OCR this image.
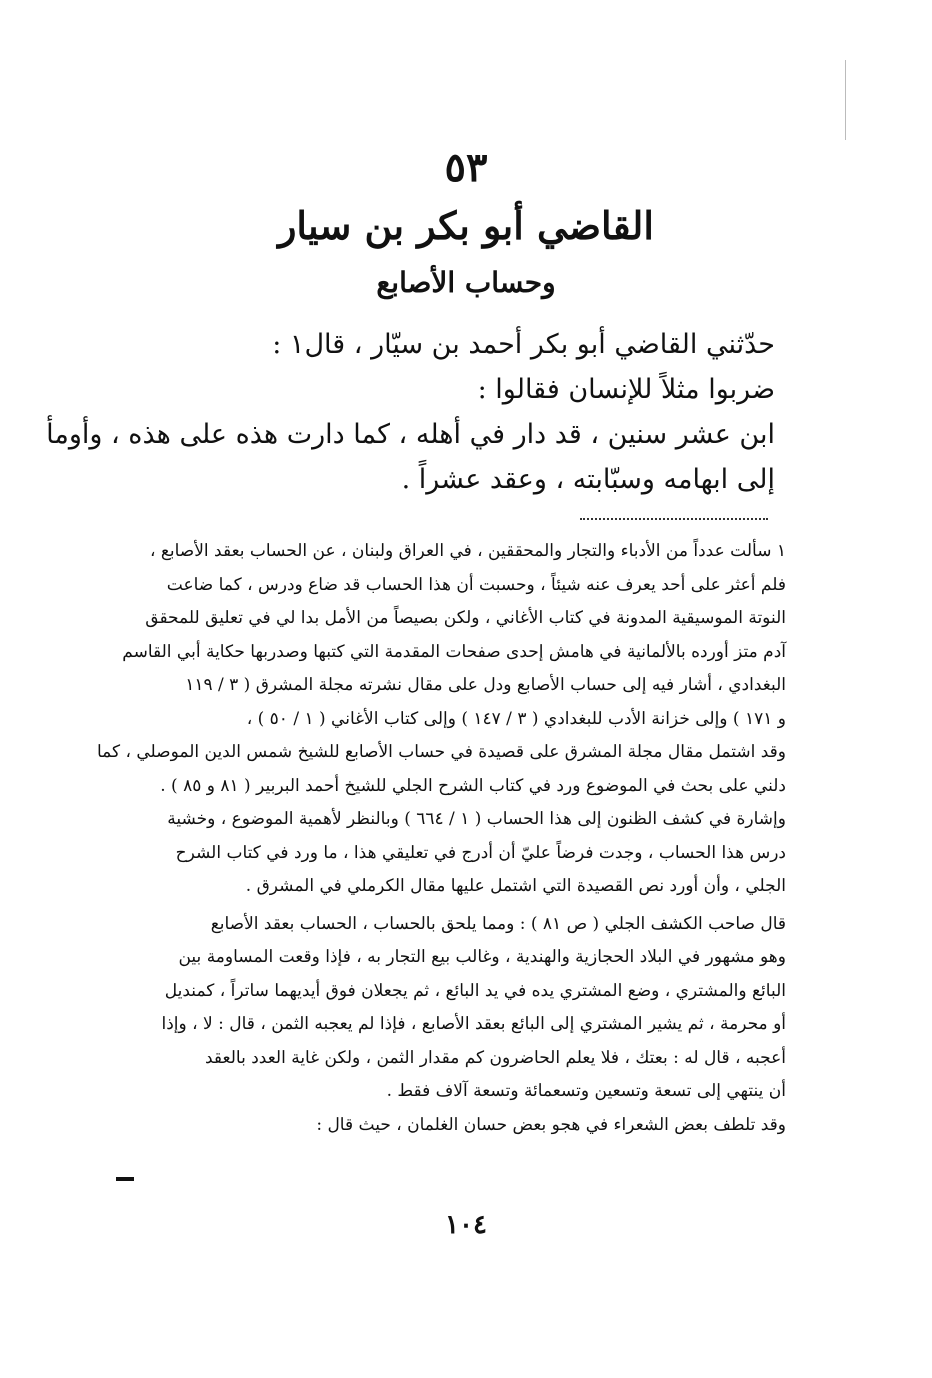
٥٣
القاضي أبو بكر بن سيار
وحساب الأصابع
حدّثني القاضي أبو بكر أحمد بن سيّار ، قال١ :
ضربوا مثلاً للإنسان فقالوا :
ابن عشر سنين ، قد دار في أهله ، كما دارت هذه على هذه ، وأومأ
إلى ابهامه وسبّابته ، وعقد عشراً .
١ سألت عدداً من الأدباء والتجار والمحققين ، في العراق ولبنان ، عن الحساب بعقد الأصابع ،
فلم أعثر على أحد يعرف عنه شيئاً ، وحسبت أن هذا الحساب قد ضاع ودرس ، كما ضاعت
النوتة الموسيقية المدونة في كتاب الأغاني ، ولكن بصيصاً من الأمل بدا لي في تعليق للمحقق
آدم متز أورده بالألمانية في هامش إحدى صفحات المقدمة التي كتبها وصدربها حكاية أبي القاسم
البغدادي ، أشار فيه إلى حساب الأصابع ودل على مقال نشرته مجلة المشرق ( ٣ / ١١٩
و ١٧١ ) وإلى خزانة الأدب للبغدادي ( ٣ / ١٤٧ ) وإلى كتاب الأغاني ( ١ / ٥٠ ) ،
وقد اشتمل مقال مجلة المشرق على قصيدة في حساب الأصابع للشيخ شمس الدين الموصلي ، كما
دلني على بحث في الموضوع ورد في كتاب الشرح الجلي للشيخ أحمد البربير ( ٨١ و ٨٥ ) .
وإشارة في كشف الظنون إلى هذا الحساب ( ١ / ٦٦٤ ) وبالنظر لأهمية الموضوع ، وخشية
درس هذا الحساب ، وجدت فرضاً عليّ أن أدرج في تعليقي هذا ، ما ورد في كتاب الشرح
الجلي ، وأن أورد نص القصيدة التي اشتمل عليها مقال الكرملي في المشرق .
قال صاحب الكشف الجلي ( ص ٨١ ) : ومما يلحق بالحساب ، الحساب بعقد الأصابع
وهو مشهور في البلاد الحجازية والهندية ، وغالب بيع التجار به ، فإذا وقعت المساومة بين
البائع والمشتري ، وضع المشتري يده في يد البائع ، ثم يجعلان فوق أيديهما ساتراً ، كمنديل
أو محرمة ، ثم يشير المشتري إلى البائع بعقد الأصابع ، فإذا لم يعجبه الثمن ، قال : لا ، وإذا
أعجبه ، قال له : بعتك ، فلا يعلم الحاضرون كم مقدار الثمن ، ولكن غاية العدد بالعقد
أن ينتهي إلى تسعة وتسعين وتسعمائة وتسعة آلاف فقط .
وقد تلطف بعض الشعراء في هجو بعض حسان الغلمان ، حيث قال :
١٠٤
